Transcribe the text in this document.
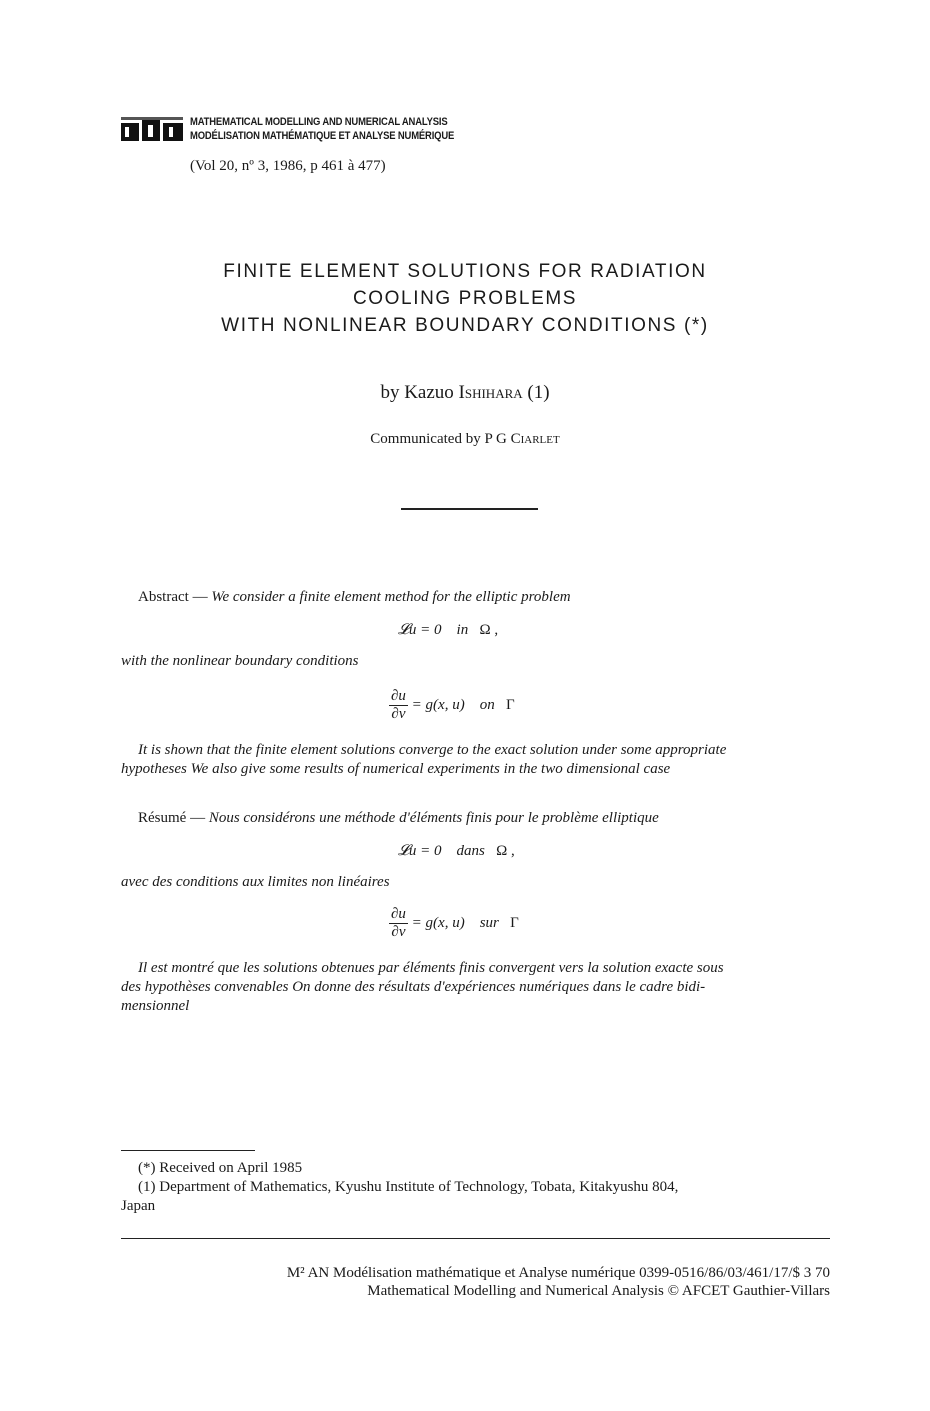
MATHEMATICAL MODELLING AND NUMERICAL ANALYSIS
MODÉLISATION MATHÉMATIQUE ET ANALYSE NUMÉRIQUE
(Vol 20, nº 3, 1986, p 461 à 477)
FINITE ELEMENT SOLUTIONS FOR RADIATION
COOLING PROBLEMS
WITH NONLINEAR BOUNDARY CONDITIONS (*)
by Kazuo Ishihara (1)
Communicated by P G Ciarlet
Abstract — We consider a finite element method for the elliptic problem
𝓛u = 0 in Ω ,
with the nonlinear boundary conditions
$\frac{\partial u}{\partial\nu} = g(x$, u) on Γ
It is shown that the finite element solutions converge to the exact solution under some appropriate
hypotheses We also give some results of numerical experiments in the two dimensional case
Résumé — Nous considérons une méthode d'éléments finis pour le problème elliptique
𝓛u = 0 dans Ω ,
avec des conditions aux limites non linéaires
$\frac{\partial u}{\partial\nu} = g(x$, u) sur Γ
Il est montré que les solutions obtenues par éléments finis convergent vers la solution exacte sous
des hypothèses convenables On donne des résultats d'expériences numériques dans le cadre bidi-
mensionnel
(*) Received on April 1985
(1) Department of Mathematics, Kyushu Institute of Technology, Tobata, Kitakyushu 804,
Japan
M² AN Modélisation mathématique et Analyse numérique 0399-0516/86/03/461/17/$ 3 70
Mathematical Modelling and Numerical Analysis © AFCET Gauthier-Villars
